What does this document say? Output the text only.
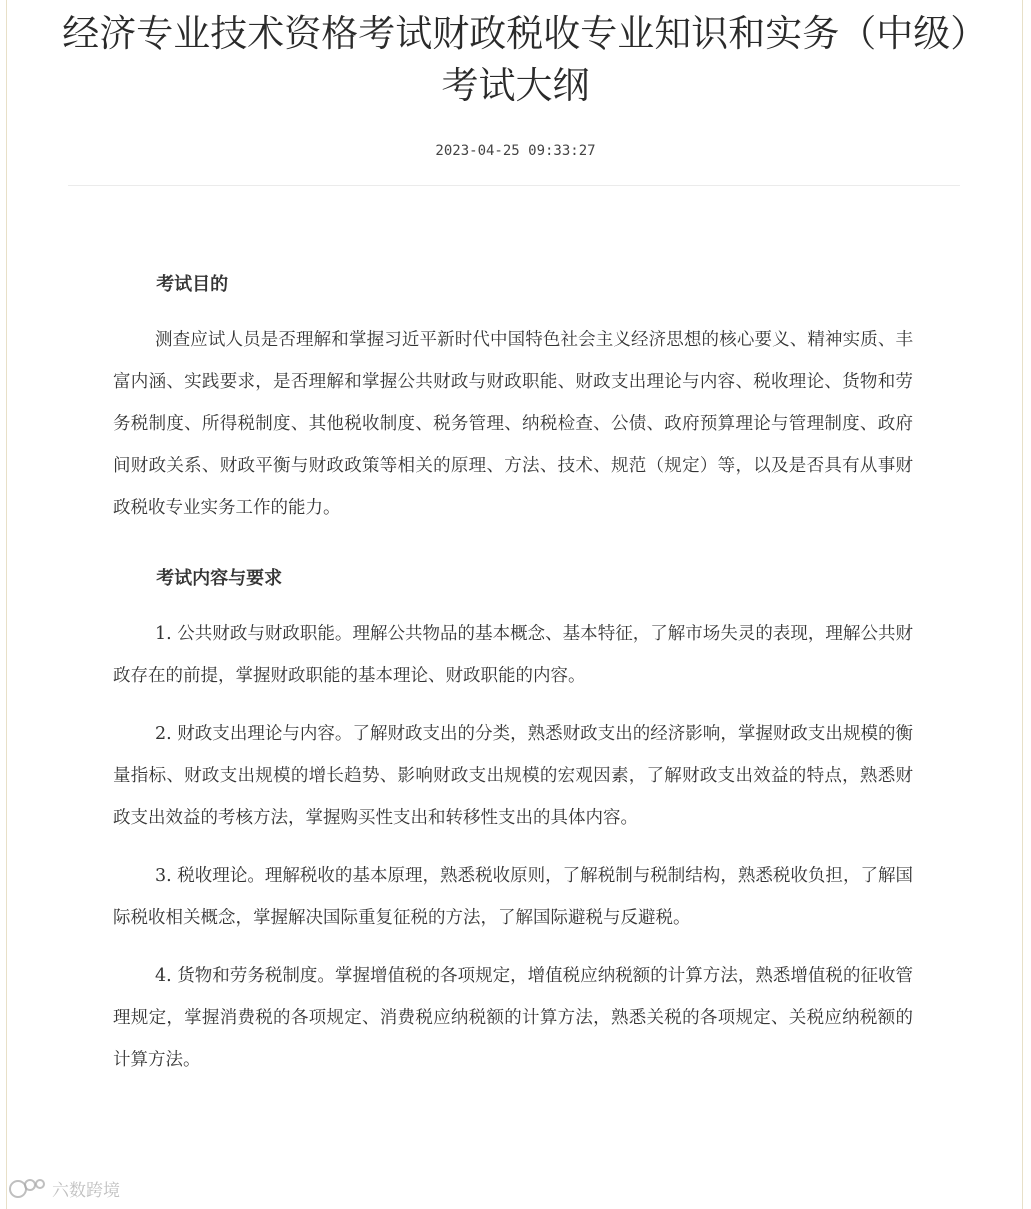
经济专业技术资格考试财政税收专业知识和实务（中级）考试大纲
2023-04-25 09:33:27

考试目的

测查应试人员是否理解和掌握习近平新时代中国特色社会主义经济思想的核心要义、精神实质、丰富内涵、实践要求，是否理解和掌握公共财政与财政职能、财政支出理论与内容、税收理论、货物和劳务税制度、所得税制度、其他税收制度、税务管理、纳税检查、公债、政府预算理论与管理制度、政府间财政关系、财政平衡与财政政策等相关的原理、方法、技术、规范（规定）等，以及是否具有从事财政税收专业实务工作的能力。

考试内容与要求

1. 公共财政与财政职能。理解公共物品的基本概念、基本特征，了解市场失灵的表现，理解公共财政存在的前提，掌握财政职能的基本理论、财政职能的内容。

2. 财政支出理论与内容。了解财政支出的分类，熟悉财政支出的经济影响，掌握财政支出规模的衡量指标、财政支出规模的增长趋势、影响财政支出规模的宏观因素，了解财政支出效益的特点，熟悉财政支出效益的考核方法，掌握购买性支出和转移性支出的具体内容。

3. 税收理论。理解税收的基本原理，熟悉税收原则，了解税制与税制结构，熟悉税收负担，了解国际税收相关概念，掌握解决国际重复征税的方法，了解国际避税与反避税。

4. 货物和劳务税制度。掌握增值税的各项规定，增值税应纳税额的计算方法，熟悉增值税的征收管理规定，掌握消费税的各项规定、消费税应纳税额的计算方法，熟悉关税的各项规定、关税应纳税额的计算方法。

六数跨境
